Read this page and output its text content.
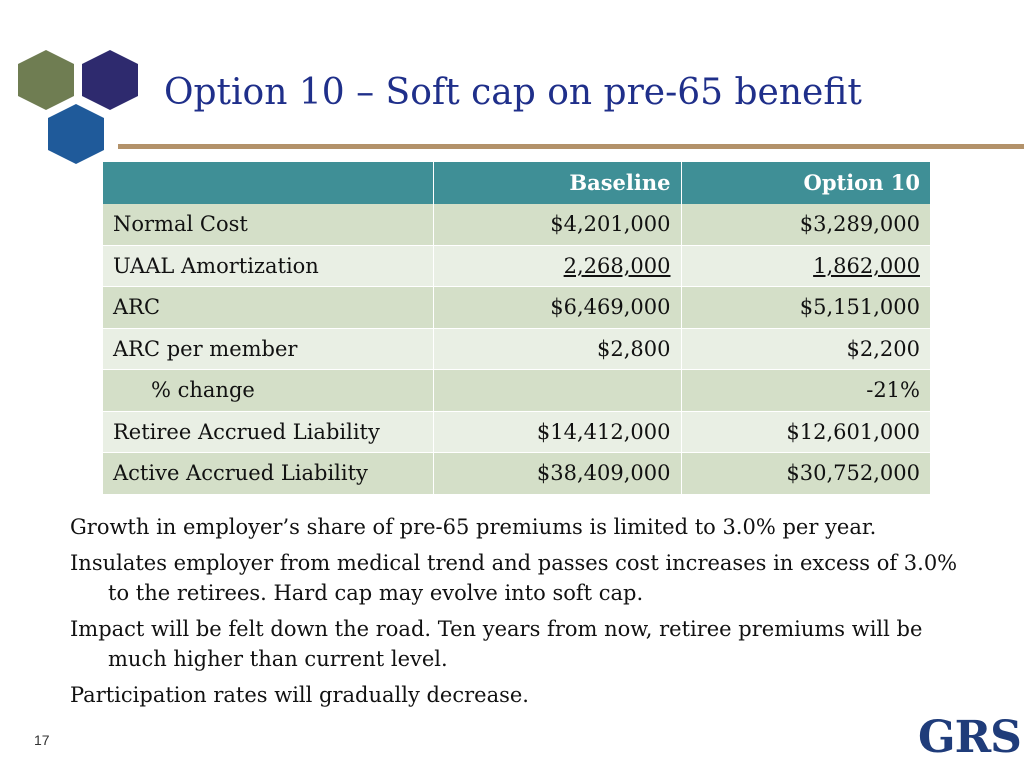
Option 10 – Soft cap on pre-65 benefit
	Baseline	Option 10
Normal Cost	$4,201,000	$3,289,000
UAAL Amortization	2,268,000	1,862,000
ARC	$6,469,000	$5,151,000
ARC per member	$2,800	$2,200
% change		-21%
Retiree Accrued Liability	$14,412,000	$12,601,000
Active Accrued Liability	$38,409,000	$30,752,000

Growth in employer’s share of pre-65 premiums is limited to 3.0% per year.

Insulates employer from medical trend and passes cost increases in excess of 3.0% to the retirees. Hard cap may evolve into soft cap.

Impact will be felt down the road. Ten years from now, retiree premiums will be much higher than current level.

Participation rates will gradually decrease.

17	GRS
